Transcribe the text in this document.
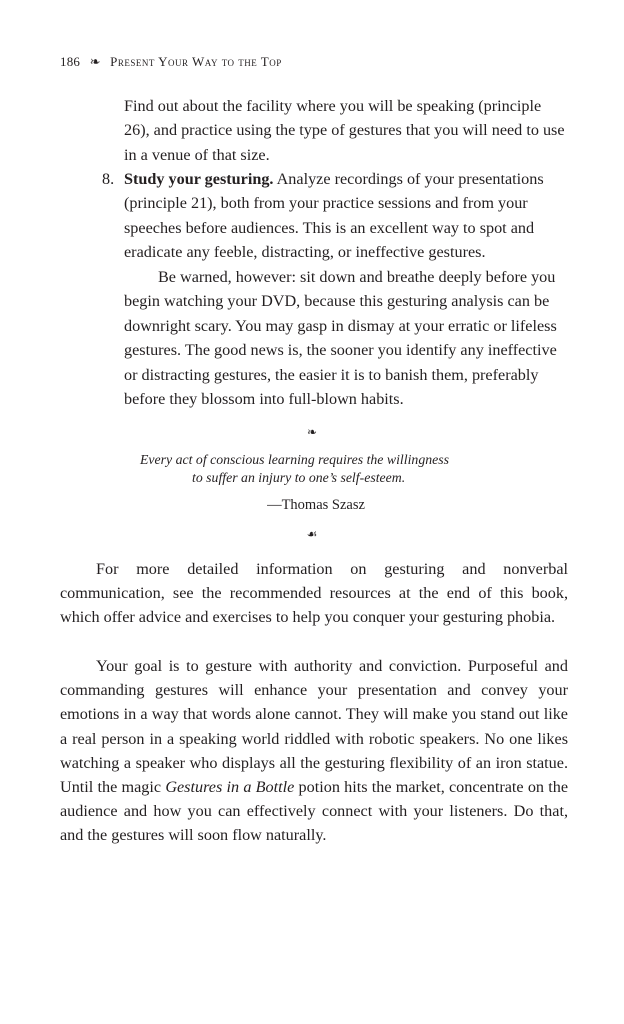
186 ❧ Present Your Way to the Top
Find out about the facility where you will be speaking (principle 26), and practice using the type of gestures that you will need to use in a venue of that size.
8. Study your gesturing. Analyze recordings of your presentations (principle 21), both from your practice sessions and from your speeches before audiences. This is an excellent way to spot and eradicate any feeble, distracting, or ineffective gestures.
Be warned, however: sit down and breathe deeply before you begin watching your DVD, because this gesturing analysis can be downright scary. You may gasp in dismay at your erratic or lifeless gestures. The good news is, the sooner you identify any ineffective or distracting gestures, the easier it is to banish them, preferably before they blossom into full-blown habits.
❧
Every act of conscious learning requires the willingness
to suffer an injury to one’s self-esteem.
—Thomas Szasz
☙
For more detailed information on gesturing and nonverbal communication, see the recommended resources at the end of this book, which offer advice and exercises to help you conquer your gesturing phobia.
Your goal is to gesture with authority and conviction. Purposeful and commanding gestures will enhance your presentation and convey your emotions in a way that words alone cannot. They will make you stand out like a real person in a speaking world riddled with robotic speakers. No one likes watching a speaker who displays all the gesturing flexibility of an iron statue. Until the magic Gestures in a Bottle potion hits the market, concentrate on the audience and how you can effectively connect with your listeners. Do that, and the gestures will soon flow naturally.
